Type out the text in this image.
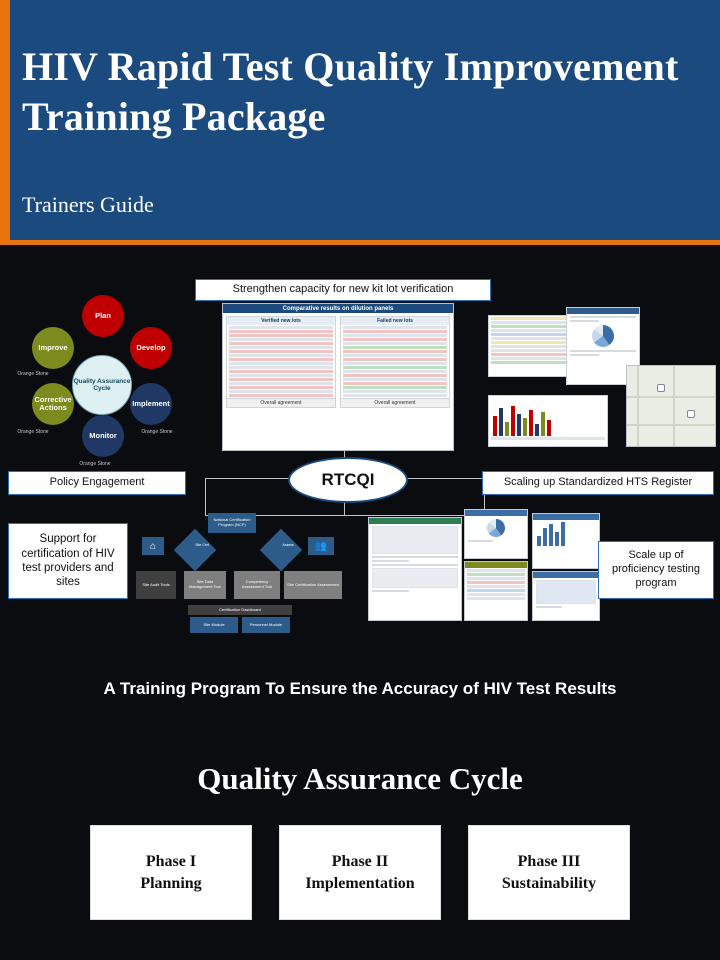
HIV Rapid Test Quality Improvement Training Package
Trainers Guide
Quality Assurance Cycle
Plan
Develop
Implement
Monitor
Corrective Actions
Improve
Orange Stone
Orange Stone
Orange Stone
Orange Stone
Strengthen capacity for new kit lot verification
Comparative results on dilution panels
Verified new lots
Overall agreement
Failed new lots
Overall agreement
Policy Engagement	RTCQI	Scaling up Standardized HTS Register
Support for certification of HIV test providers and sites
National Certification Program (NCP)
⌂	Site Cert	Assess	👥
Site Audit Tools	Site Data Management Tool
Competency Assessment Tool	Site Certification Assessment
Certification Dashboard
Site Module	Personnel Module
Scale up of proficiency testing program
A Training Program To Ensure the Accuracy of HIV Test Results
Quality Assurance Cycle
Phase I
Planning
Phase II
Implementation
Phase III
Sustainability
